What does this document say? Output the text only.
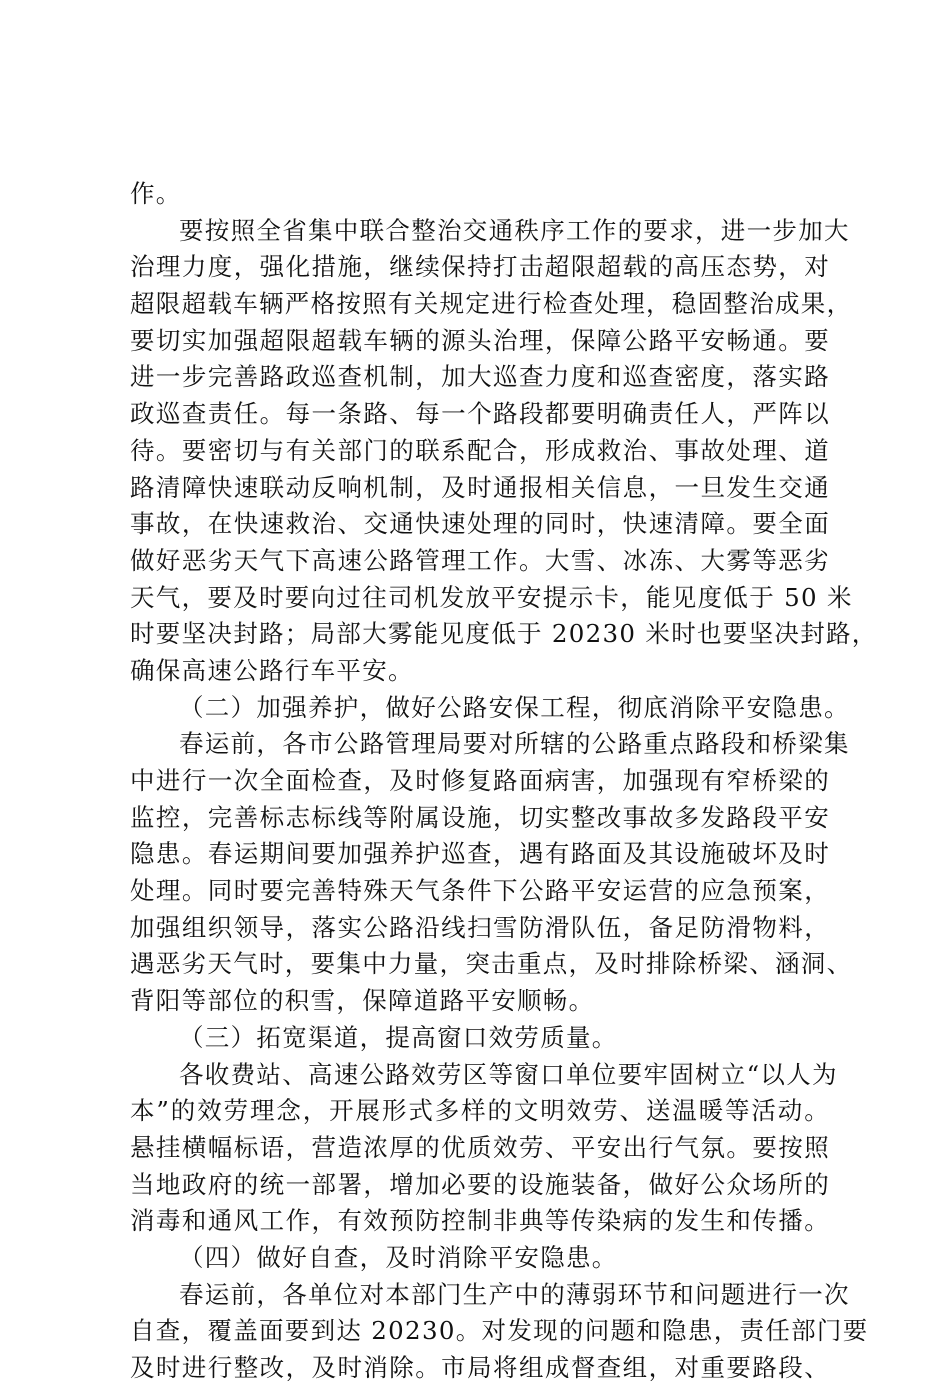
作。
要按照全省集中联合整治交通秩序工作的要求，进一步加大
治理力度，强化措施，继续保持打击超限超载的高压态势，对
超限超载车辆严格按照有关规定进行检查处理，稳固整治成果，
要切实加强超限超载车辆的源头治理，保障公路平安畅通。要
进一步完善路政巡查机制，加大巡查力度和巡查密度，落实路
政巡查责任。每一条路、每一个路段都要明确责任人，严阵以
待。要密切与有关部门的联系配合，形成救治、事故处理、道
路清障快速联动反响机制，及时通报相关信息，一旦发生交通
事故，在快速救治、交通快速处理的同时，快速清障。要全面
做好恶劣天气下高速公路管理工作。大雪、冰冻、大雾等恶劣
天气，要及时要向过往司机发放平安提示卡，能见度低于 50 米
时要坚决封路；局部大雾能见度低于 20230 米时也要坚决封路，
确保高速公路行车平安。
（二）加强养护，做好公路安保工程，彻底消除平安隐患。
春运前，各市公路管理局要对所辖的公路重点路段和桥梁集
中进行一次全面检查，及时修复路面病害，加强现有窄桥梁的
监控，完善标志标线等附属设施，切实整改事故多发路段平安
隐患。春运期间要加强养护巡查，遇有路面及其设施破坏及时
处理。同时要完善特殊天气条件下公路平安运营的应急预案，
加强组织领导，落实公路沿线扫雪防滑队伍，备足防滑物料，
遇恶劣天气时，要集中力量，突击重点，及时排除桥梁、涵洞、
背阳等部位的积雪，保障道路平安顺畅。
（三）拓宽渠道，提高窗口效劳质量。
各收费站、高速公路效劳区等窗口单位要牢固树立“以人为
本”的效劳理念，开展形式多样的文明效劳、送温暖等活动。
悬挂横幅标语，营造浓厚的优质效劳、平安出行气氛。要按照
当地政府的统一部署，增加必要的设施装备，做好公众场所的
消毒和通风工作，有效预防控制非典等传染病的发生和传播。
（四）做好自查，及时消除平安隐患。
春运前，各单位对本部门生产中的薄弱环节和问题进行一次
自查，覆盖面要到达 20230。对发现的问题和隐患，责任部门要
及时进行整改，及时消除。市局将组成督查组，对重要路段、
